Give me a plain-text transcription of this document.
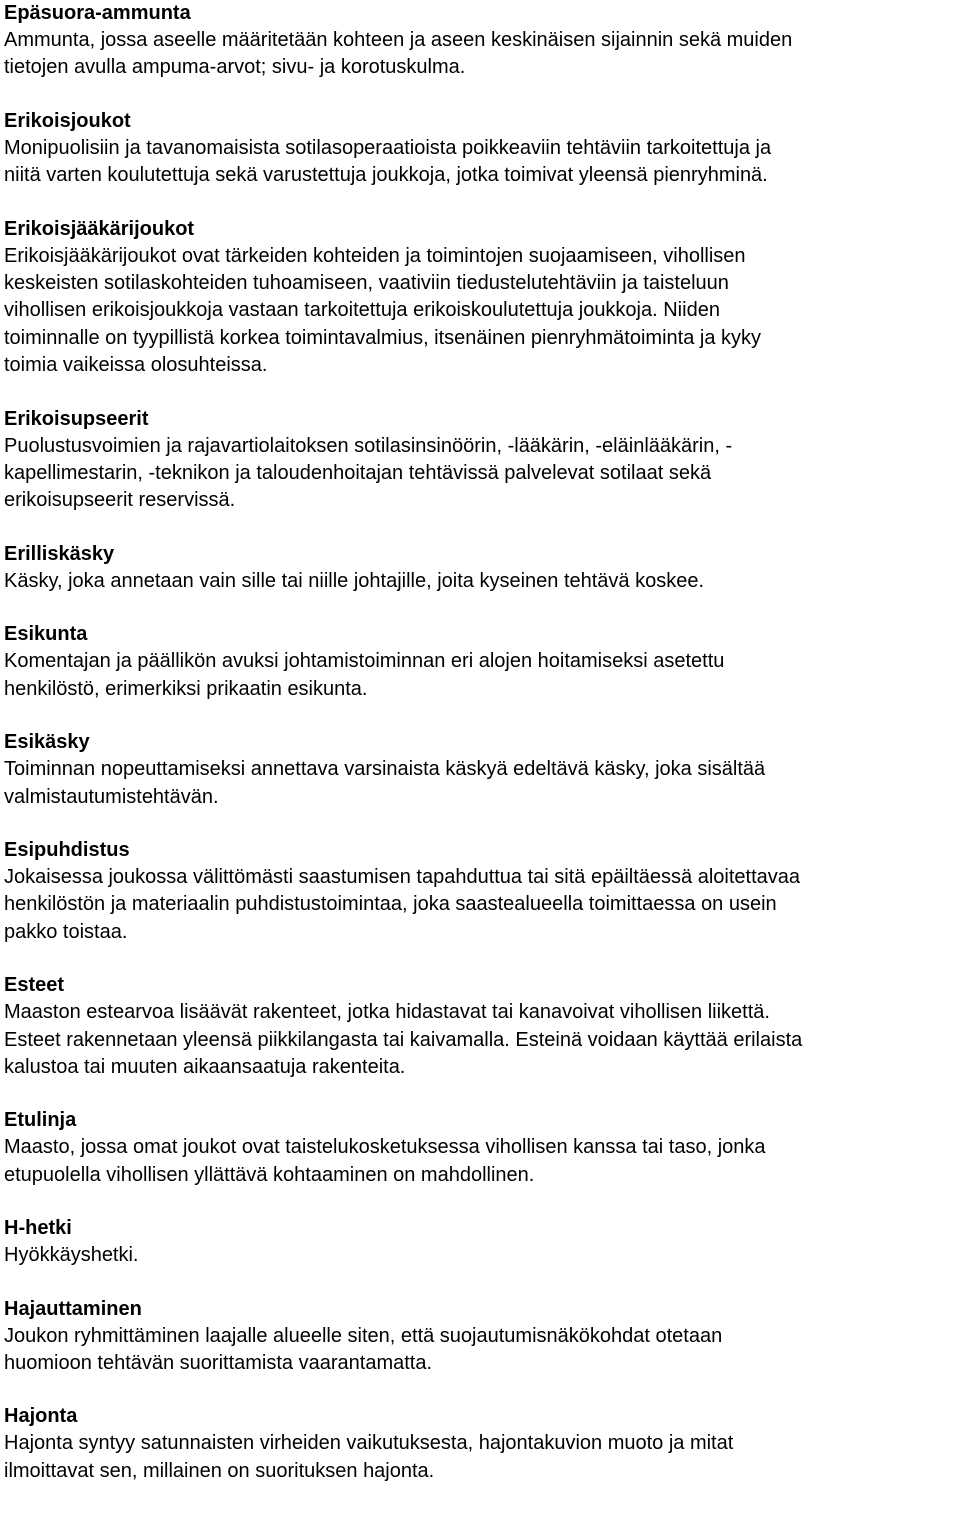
Epäsuora-ammunta
Ammunta, jossa aseelle määritetään kohteen ja aseen keskinäisen sijainnin sekä muiden
tietojen avulla ampuma-arvot; sivu- ja korotuskulma.
Erikoisjoukot
Monipuolisiin ja tavanomaisista sotilasoperaatioista poikkeaviin tehtäviin tarkoitettuja ja
niitä varten koulutettuja sekä varustettuja joukkoja, jotka toimivat yleensä pienryhminä.
Erikoisjääkärijoukot
Erikoisjääkärijoukot ovat tärkeiden kohteiden ja toimintojen suojaamiseen, vihollisen
keskeisten sotilaskohteiden tuhoamiseen, vaativiin tiedustelutehtäviin ja taisteluun
vihollisen erikoisjoukkoja vastaan tarkoitettuja erikoiskoulutettuja joukkoja. Niiden
toiminnalle on tyypillistä korkea toimintavalmius, itsenäinen pienryhmätoiminta ja kyky
toimia vaikeissa olosuhteissa.
Erikoisupseerit
Puolustusvoimien ja rajavartiolaitoksen sotilasinsinöörin, -lääkärin, -eläinlääkärin, -
kapellimestarin, -teknikon ja taloudenhoitajan tehtävissä palvelevat sotilaat sekä
erikoisupseerit reservissä.
Erilliskäsky
Käsky, joka annetaan vain sille tai niille johtajille, joita kyseinen tehtävä koskee.
Esikunta
Komentajan ja päällikön avuksi johtamistoiminnan eri alojen hoitamiseksi asetettu
henkilöstö, erimerkiksi prikaatin esikunta.
Esikäsky
Toiminnan nopeuttamiseksi annettava varsinaista käskyä edeltävä käsky, joka sisältää
valmistautumistehtävän.
Esipuhdistus
Jokaisessa joukossa välittömästi saastumisen tapahduttua tai sitä epäiltäessä aloitettavaa
henkilöstön ja materiaalin puhdistustoimintaa, joka saastealueella toimittaessa on usein
pakko toistaa.
Esteet
Maaston estearvoa lisäävät rakenteet, jotka hidastavat tai kanavoivat vihollisen liikettä.
Esteet rakennetaan yleensä piikkilangasta tai kaivamalla. Esteinä voidaan käyttää erilaista
kalustoa tai muuten aikaansaatuja rakenteita.
Etulinja
Maasto, jossa omat joukot ovat taistelukosketuksessa vihollisen kanssa tai taso, jonka
etupuolella vihollisen yllättävä kohtaaminen on mahdollinen.
H-hetki
Hyökkäyshetki.
Hajauttaminen
Joukon ryhmittäminen laajalle alueelle siten, että suojautumisnäkökohdat otetaan
huomioon tehtävän suorittamista vaarantamatta.
Hajonta
Hajonta syntyy satunnaisten virheiden vaikutuksesta, hajontakuvion muoto ja mitat
ilmoittavat sen, millainen on suorituksen hajonta.
